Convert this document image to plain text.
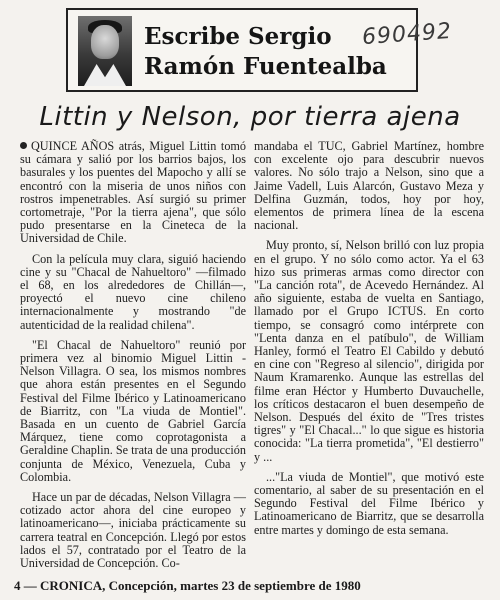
Escribe Sergio
Ramón Fuentealba
690492
Littin y Nelson, por tierra ajena

QUINCE AÑOS atrás, Miguel Littin tomó su cámara y salió por los barrios bajos, los basurales y los puentes del Mapocho y allí se encontró con la miseria de unos niños con rostros impenetrables. Así surgió su primer cortometraje, "Por la tierra ajena", que sólo pudo presentarse en la Cineteca de la Universidad de Chile.

Con la película muy clara, siguió haciendo cine y su "Chacal de Nahueltoro" —filmado el 68, en los alrededores de Chillán—, proyectó el nuevo cine chileno internacionalmente y mostrando "de autenticidad de la realidad chilena".

"El Chacal de Nahueltoro" reunió por primera vez al binomio Miguel Littin - Nelson Villagra. O sea, los mismos nombres que ahora están presentes en el Segundo Festival del Filme Ibérico y Latinoamericano de Biarritz, con "La viuda de Montiel". Basada en un cuento de Gabriel García Márquez, tiene como coprotagonista a Geraldine Chaplin. Se trata de una producción conjunta de México, Venezuela, Cuba y Colombia.

Hace un par de décadas, Nelson Villagra —cotizado actor ahora del cine europeo y latinoamericano—, iniciaba prácticamente su carrera teatral en Concepción. Llegó por estos lados el 57, contratado por el Teatro de la Universidad de Concepción. Co-

mandaba el TUC, Gabriel Martínez, hombre con excelente ojo para descubrir nuevos valores. No sólo trajo a Nelson, sino que a Jaime Vadell, Luis Alarcón, Gustavo Meza y Delfina Guzmán, todos, hoy por hoy, elementos de primera línea de la escena nacional.

Muy pronto, sí, Nelson brilló con luz propia en el grupo. Y no sólo como actor. Ya el 63 hizo sus primeras armas como director con "La canción rota", de Acevedo Hernández. Al año siguiente, estaba de vuelta en Santiago, llamado por el Grupo ICTUS. En corto tiempo, se consagró como intérprete con "Lenta danza en el patíbulo", de William Hanley, formó el Teatro El Cabildo y debutó en cine con "Regreso al silencio", dirigida por Naum Kramarenko. Aunque las estrellas del filme eran Héctor y Humberto Duvauchelle, los críticos destacaron el buen desempeño de Nelson. Después del éxito de "Tres tristes tigres" y "El Chacal..." lo que sigue es historia conocida: "La tierra prometida", "El destierro" y ...

..."La viuda de Montiel", que motivó este comentario, al saber de su presentación en el Segundo Festival del Filme Ibérico y Latinoamericano de Biarritz, que se desarrolla entre martes y domingo de esta semana.

4 — CRONICA, Concepción, martes 23 de septiembre de 1980
